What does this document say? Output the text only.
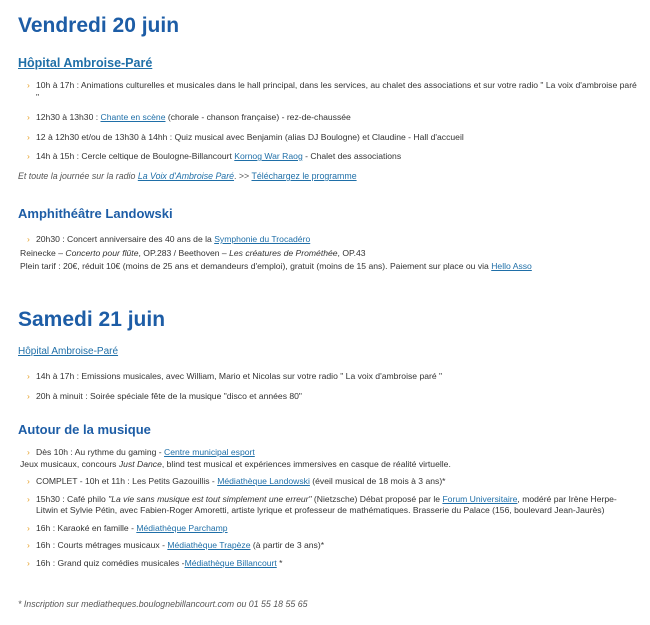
Vendredi 20 juin
Hôpital Ambroise-Paré
› 10h à 17h : Animations culturelles et musicales dans le hall principal, dans les services, au chalet des associations et sur votre radio " La voix d'ambroise paré "
› 12h30 à 13h30 : Chante en scène (chorale - chanson française) - rez-de-chaussée
› 12 à 12h30 et/ou de 13h30 à 14hh : Quiz musical avec Benjamin (alias DJ Boulogne) et Claudine - Hall d'accueil
› 14h à 15h : Cercle celtique de Boulogne-Billancourt Kornog War Raog - Chalet des associations
Et toute la journée sur la radio La Voix d'Ambroise Paré. >> Téléchargez le programme
Amphithéâtre Landowski
› 20h30 : Concert anniversaire des 40 ans de la Symphonie du Trocadéro
Reinecke – Concerto pour flûte, OP.283 / Beethoven – Les créatures de Prométhée, OP.43
Plein tarif : 20€, réduit 10€ (moins de 25 ans et demandeurs d'emploi), gratuit (moins de 15 ans). Paiement sur place ou via Hello Asso
Samedi 21 juin
Hôpital Ambroise-Paré
› 14h à 17h : Emissions musicales, avec William, Mario et Nicolas sur votre radio " La voix d'ambroise paré "
› 20h à minuit : Soirée spéciale fête de la musique "disco et années 80"
Autour de la musique
› Dès 10h : Au rythme du gaming - Centre municipal esport
Jeux musicaux, concours Just Dance, blind test musical et expériences immersives en casque de réalité virtuelle.
› COMPLET - 10h et 11h : Les Petits Gazouillis - Médiathèque Landowski (éveil musical de 18 mois à 3 ans)*
› 15h30 : Café philo "La vie sans musique est tout simplement une erreur" (Nietzsche) Débat proposé par le Forum Universitaire, modéré par Irène Herpe-Litwin et Sylvie Pétin, avec Fabien-Roger Amoretti, artiste lyrique et professeur de mathématiques. Brasserie du Palace (156, boulevard Jean-Jaurès)
› 16h : Karaoké en famille - Médiathèque Parchamp
› 16h : Courts métrages musicaux - Médiathèque Trapèze (à partir de 3 ans)*
› 16h : Grand quiz comédies musicales -Médiathèque Billancourt *
* Inscription sur mediatheques.boulognebillancourt.com ou 01 55 18 55 65
